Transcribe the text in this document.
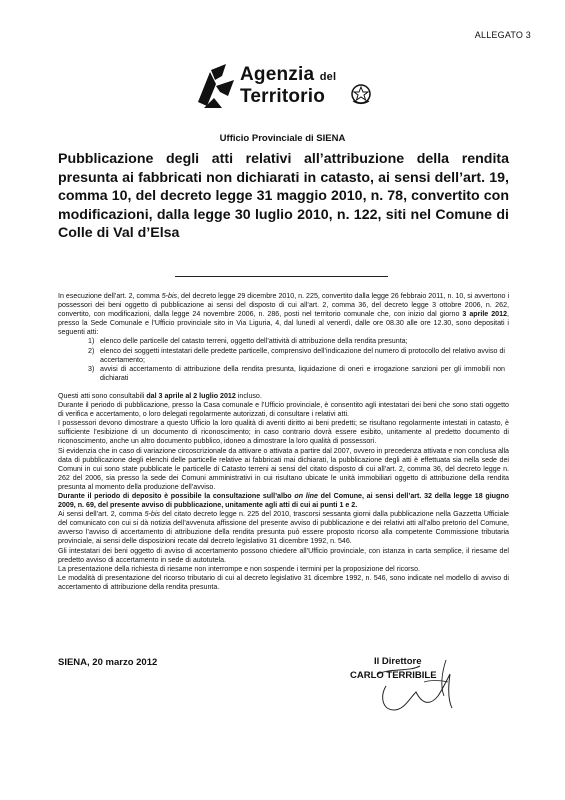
ALLEGATO 3
Agenzia del
Territorio
Ufficio Provinciale di SIENA
Pubblicazione degli atti relativi all’attribuzione della rendita presunta ai fabbricati non dichiarati in catasto, ai sensi dell’art. 19, comma 10, del decreto legge 31 maggio 2010, n. 78, convertito con modificazioni, dalla legge 30 luglio 2010, n. 122, siti nel Comune di Colle di Val d’Elsa

In esecuzione dell’art. 2, comma 5-bis, del decreto legge 29 dicembre 2010, n. 225, convertito dalla legge 26 febbraio 2011, n. 10, si avvertono i possessori dei beni oggetto di pubblicazione ai sensi del disposto di cui all’art. 2, comma 36, del decreto legge 3 ottobre 2006, n. 262, convertito, con modificazioni, dalla legge 24 novembre 2006, n. 286, posti nel territorio comunale che, con inizio dal giorno 3 aprile 2012, presso la Sede Comunale e l’Ufficio provinciale sito in Via Liguria, 4, dal lunedì al venerdì, dalle ore 08.30 alle ore 12.30, sono depositati i seguenti atti:

1) elenco delle particelle del catasto terreni, oggetto dell’attività di attribuzione della rendita presunta;
2) elenco dei soggetti intestatari delle predette particelle, comprensivo dell’indicazione del numero di protocollo del relativo avviso di accertamento;
3) avvisi di accertamento di attribuzione della rendita presunta, liquidazione di oneri e irrogazione sanzioni per gli immobili non dichiarati

Questi atti sono consultabili dal 3 aprile al 2 luglio 2012 incluso.

Durante il periodo di pubblicazione, presso la Casa comunale e l’Ufficio provinciale, è consentito agli intestatari dei beni che sono stati oggetto di verifica e accertamento, o loro delegati regolarmente autorizzati, di consultare i relativi atti.

I possessori devono dimostrare a questo Ufficio la loro qualità di aventi diritto ai beni predetti; se risultano regolarmente intestati in catasto, è sufficiente l’esibizione di un documento di riconoscimento; in caso contrario dovrà essere esibito, unitamente al predetto documento di riconoscimento, anche un altro documento pubblico, idoneo a dimostrare la loro qualità di possessori.

Si evidenzia che in caso di variazione circoscrizionale da attivare o attivata a partire dal 2007, ovvero in precedenza attivata e non conclusa alla data di pubblicazione degli elenchi delle particelle relative ai fabbricati mai dichiarati, la pubblicazione degli atti è effettuata sia nella sede dei Comuni in cui sono state pubblicate le particelle di Catasto terreni ai sensi del citato disposto di cui all’art. 2, comma 36, del decreto legge n. 262 del 2006, sia presso la sede dei Comuni amministrativi in cui risultano ubicate le unità immobiliari oggetto di attribuzione della rendita presunta al momento della produzione dell’avviso.

Durante il periodo di deposito è possibile la consultazione sull’albo on line del Comune, ai sensi dell’art. 32 della legge 18 giugno 2009, n. 69, del presente avviso di pubblicazione, unitamente agli atti di cui ai punti 1 e 2.

Ai sensi dell’art. 2, comma 5-bis del citato decreto legge n. 225 del 2010, trascorsi sessanta giorni dalla pubblicazione nella Gazzetta Ufficiale del comunicato con cui si dà notizia dell’avvenuta affissione del presente avviso di pubblicazione e dei relativi atti all’albo pretorio del Comune, avverso l’avviso di accertamento di attribuzione della rendita presunta può essere proposto ricorso alla competente Commissione tributaria provinciale, ai sensi delle disposizioni recate dal decreto legislativo 31 dicembre 1992, n. 546.

Gli intestatari dei beni oggetto di avviso di accertamento possono chiedere all’Ufficio provinciale, con istanza in carta semplice, il riesame del predetto avviso di accertamento in sede di autotutela.

La presentazione della richiesta di riesame non interrompe e non sospende i termini per la proposizione del ricorso.

Le modalità di presentazione del ricorso tributario di cui al decreto legislativo 31 dicembre 1992, n. 546, sono indicate nel modello di avviso di accertamento di attribuzione della rendita presunta.

SIENA, 20 marzo 2012	Il Direttore
CARLO TERRIBILE
